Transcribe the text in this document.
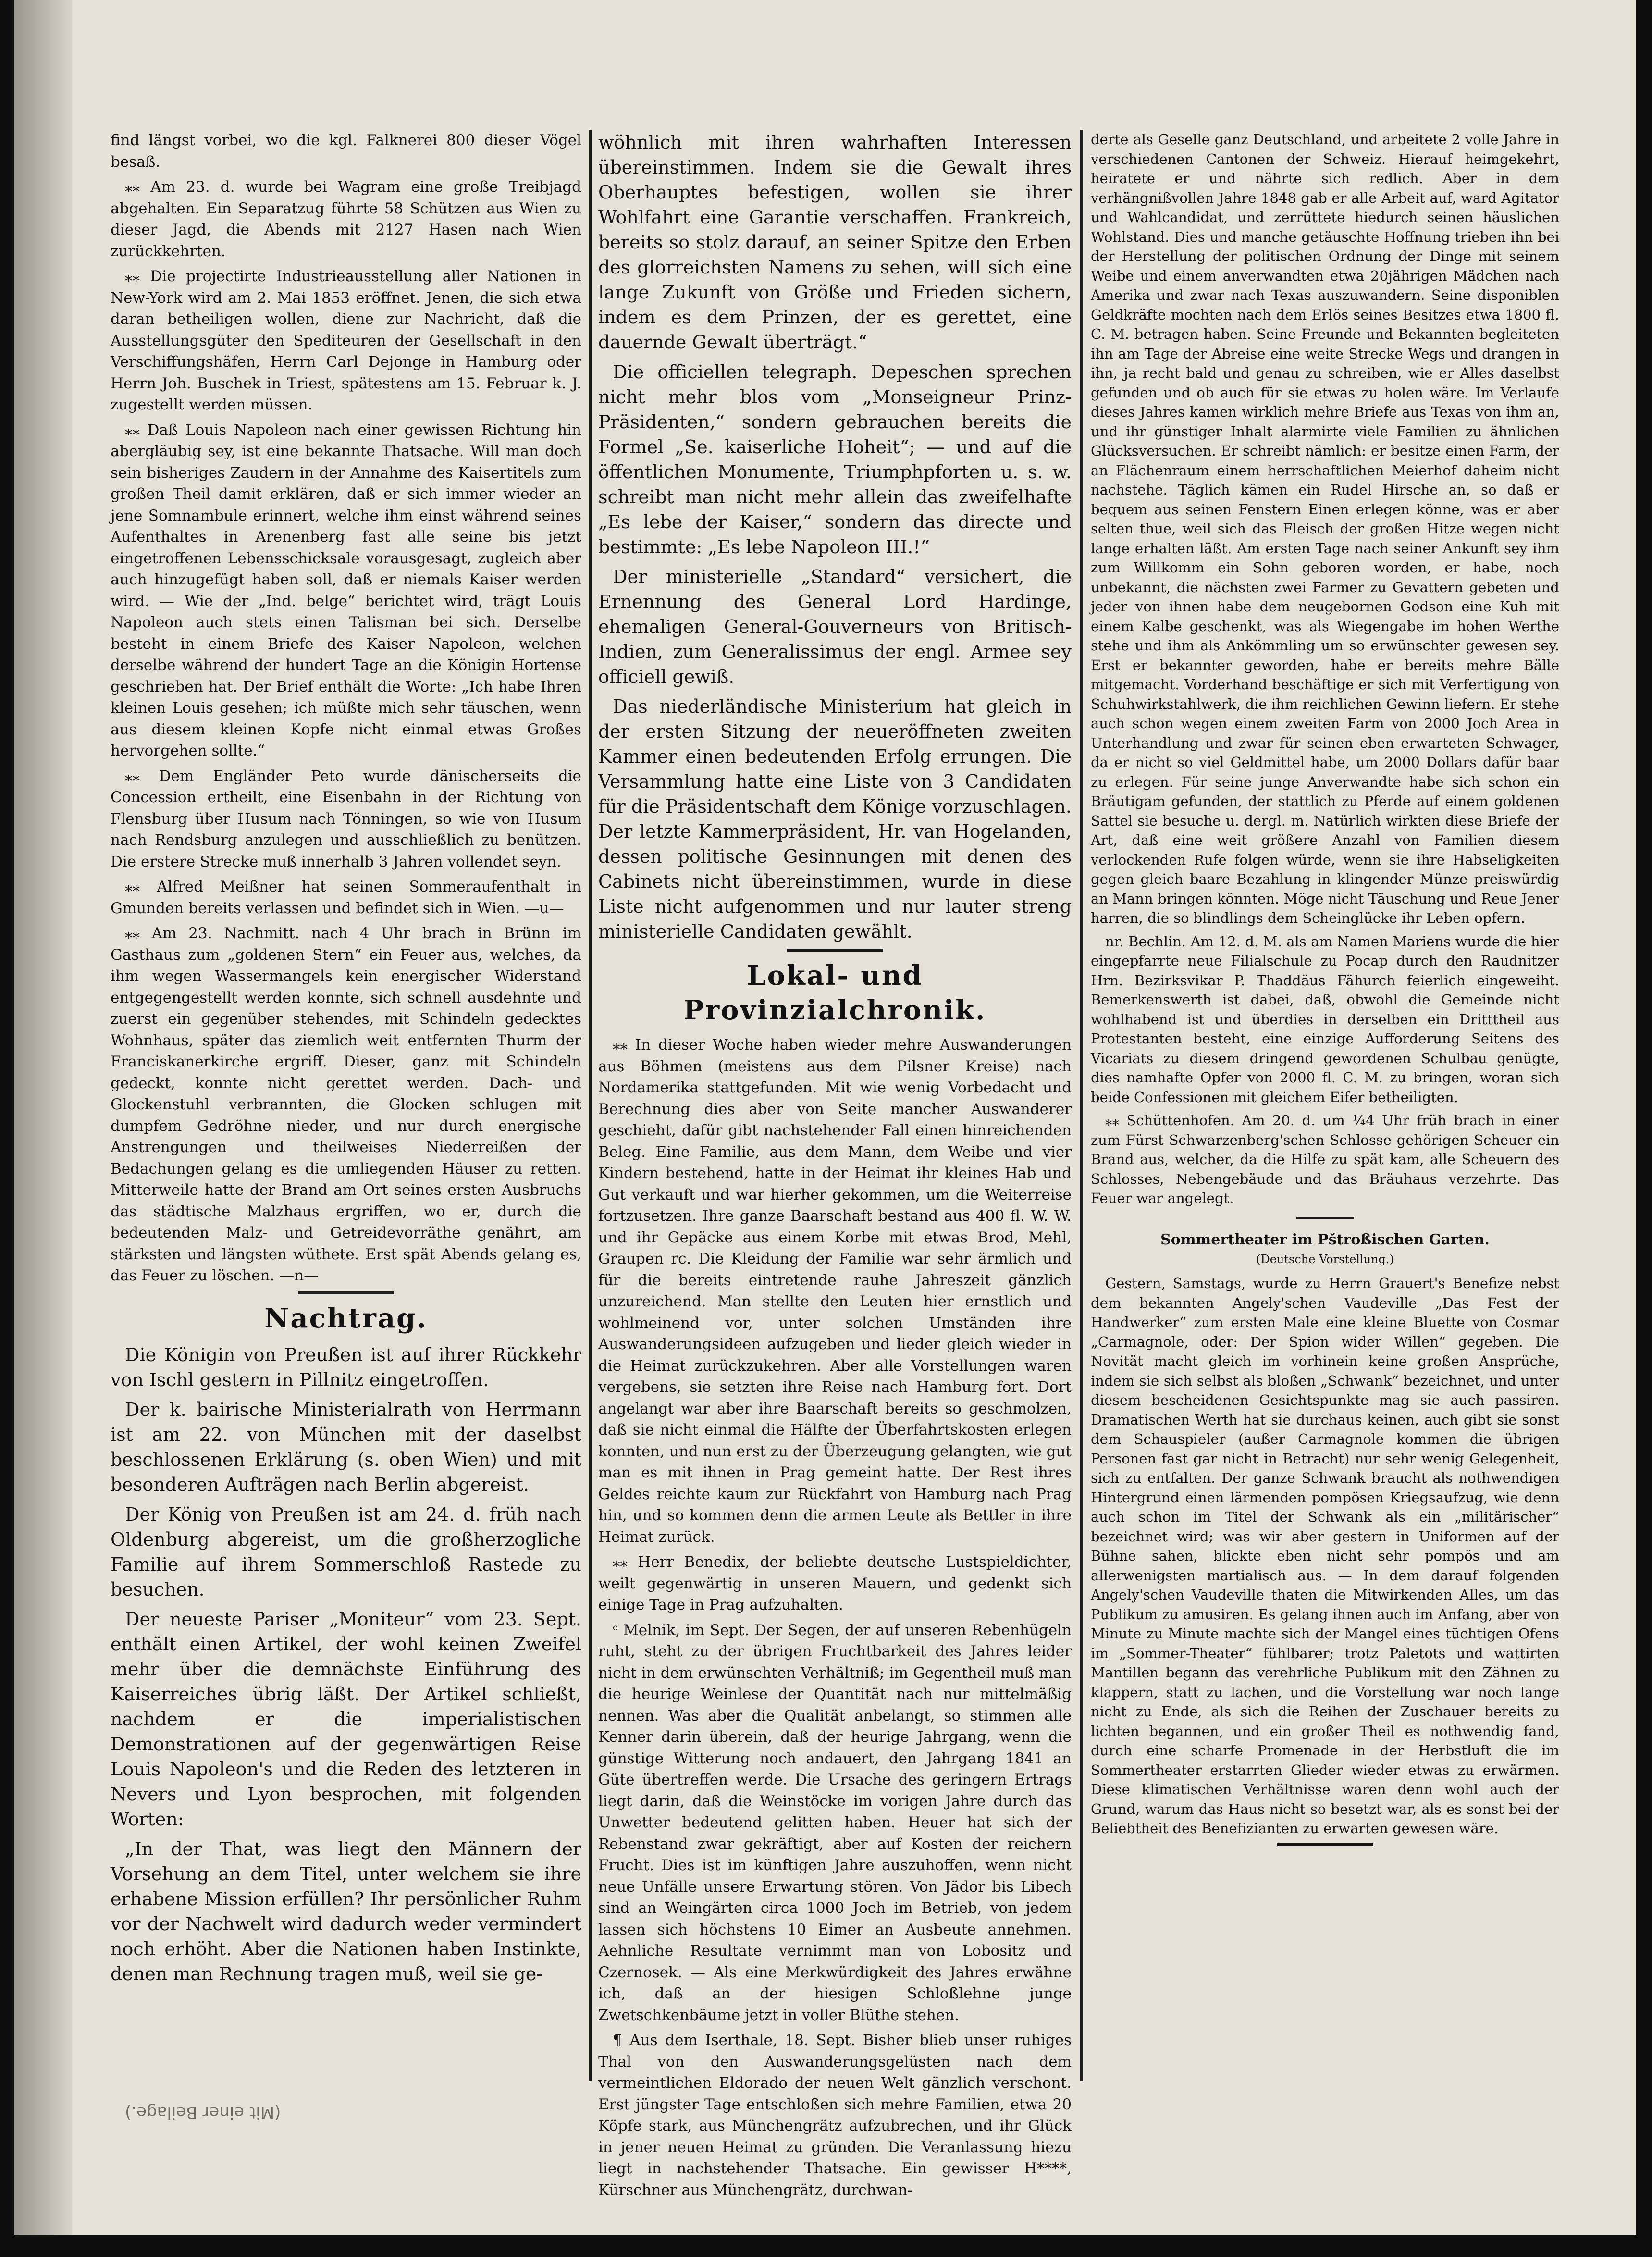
find längst vorbei, wo die kgl. Falknerei 800 dieser Vögel besaß.

⁎⁎ Am 23. d. wurde bei Wagram eine große Treibjagd abgehalten. Ein Separatzug führte 58 Schützen aus Wien zu dieser Jagd, die Abends mit 2127 Hasen nach Wien zurückkehrten.

⁎⁎ Die projectirte Industrieausstellung aller Nationen in New-York wird am 2. Mai 1853 eröffnet. Jenen, die sich etwa daran betheiligen wollen, diene zur Nachricht, daß die Ausstellungsgüter den Spediteuren der Gesellschaft in den Verschiffungshäfen, Herrn Carl Dejonge in Hamburg oder Herrn Joh. Buschek in Triest, spätestens am 15. Februar k. J. zugestellt werden müssen.

⁎⁎ Daß Louis Napoleon nach einer gewissen Richtung hin abergläubig sey, ist eine bekannte Thatsache. Will man doch sein bisheriges Zaudern in der Annahme des Kaisertitels zum großen Theil damit erklären, daß er sich immer wieder an jene Somnambule erinnert, welche ihm einst während seines Aufenthaltes in Arenenberg fast alle seine bis jetzt eingetroffenen Lebensschicksale vorausgesagt, zugleich aber auch hinzugefügt haben soll, daß er niemals Kaiser werden wird. — Wie der „Ind. belge“ berichtet wird, trägt Louis Napoleon auch stets einen Talisman bei sich. Derselbe besteht in einem Briefe des Kaiser Napoleon, welchen derselbe während der hundert Tage an die Königin Hortense geschrieben hat. Der Brief enthält die Worte: „Ich habe Ihren kleinen Louis gesehen; ich müßte mich sehr täuschen, wenn aus diesem kleinen Kopfe nicht einmal etwas Großes hervorgehen sollte.“

⁎⁎ Dem Engländer Peto wurde dänischerseits die Concession ertheilt, eine Eisenbahn in der Richtung von Flensburg über Husum nach Tönningen, so wie von Husum nach Rendsburg anzulegen und ausschließlich zu benützen. Die erstere Strecke muß innerhalb 3 Jahren vollendet seyn.

⁎⁎ Alfred Meißner hat seinen Sommeraufenthalt in Gmunden bereits verlassen und befindet sich in Wien. —u—

⁎⁎ Am 23. Nachmitt. nach 4 Uhr brach in Brünn im Gasthaus zum „goldenen Stern“ ein Feuer aus, welches, da ihm wegen Wassermangels kein energischer Widerstand entgegengestellt werden konnte, sich schnell ausdehnte und zuerst ein gegenüber stehendes, mit Schindeln gedecktes Wohnhaus, später das ziemlich weit entfernten Thurm der Franciskanerkirche ergriff. Dieser, ganz mit Schindeln gedeckt, konnte nicht gerettet werden. Dach- und Glockenstuhl verbrannten, die Glocken schlugen mit dumpfem Gedröhne nieder, und nur durch energische Anstrengungen und theilweises Niederreißen der Bedachungen gelang es die umliegenden Häuser zu retten. Mitterweile hatte der Brand am Ort seines ersten Ausbruchs das städtische Malzhaus ergriffen, wo er, durch die bedeutenden Malz- und Getreidevorräthe genährt, am stärksten und längsten wüthete. Erst spät Abends gelang es, das Feuer zu löschen. —n—

Nachtrag.

Die Königin von Preußen ist auf ihrer Rückkehr von Ischl gestern in Pillnitz eingetroffen.

Der k. bairische Ministerialrath von Herrmann ist am 22. von München mit der daselbst beschlossenen Erklärung (s. oben Wien) und mit besonderen Aufträgen nach Berlin abgereist.

Der König von Preußen ist am 24. d. früh nach Oldenburg abgereist, um die großherzogliche Familie auf ihrem Sommerschloß Rastede zu besuchen.

Der neueste Pariser „Moniteur“ vom 23. Sept. enthält einen Artikel, der wohl keinen Zweifel mehr über die demnächste Einführung des Kaiserreiches übrig läßt. Der Artikel schließt, nachdem er die imperialistischen Demonstrationen auf der gegenwärtigen Reise Louis Napoleon's und die Reden des letzteren in Nevers und Lyon besprochen, mit folgenden Worten:

„In der That, was liegt den Männern der Vorsehung an dem Titel, unter welchem sie ihre erhabene Mission erfüllen? Ihr persönlicher Ruhm vor der Nachwelt wird dadurch weder vermindert noch erhöht. Aber die Nationen haben Instinkte, denen man Rechnung tragen muß, weil sie ge-

wöhnlich mit ihren wahrhaften Interessen übereinstimmen. Indem sie die Gewalt ihres Oberhauptes befestigen, wollen sie ihrer Wohlfahrt eine Garantie verschaffen. Frankreich, bereits so stolz darauf, an seiner Spitze den Erben des glorreichsten Namens zu sehen, will sich eine lange Zukunft von Größe und Frieden sichern, indem es dem Prinzen, der es gerettet, eine dauernde Gewalt überträgt.“

Die officiellen telegraph. Depeschen sprechen nicht mehr blos vom „Monseigneur Prinz-Präsidenten,“ sondern gebrauchen bereits die Formel „Se. kaiserliche Hoheit“; — und auf die öffentlichen Monumente, Triumphpforten u. s. w. schreibt man nicht mehr allein das zweifelhafte „Es lebe der Kaiser,“ sondern das directe und bestimmte: „Es lebe Napoleon III.!“

Der ministerielle „Standard“ versichert, die Ernennung des General Lord Hardinge, ehemaligen General-Gouverneurs von Britisch-Indien, zum Generalissimus der engl. Armee sey officiell gewiß.

Das niederländische Ministerium hat gleich in der ersten Sitzung der neueröffneten zweiten Kammer einen bedeutenden Erfolg errungen. Die Versammlung hatte eine Liste von 3 Candidaten für die Präsidentschaft dem Könige vorzuschlagen. Der letzte Kammerpräsident, Hr. van Hogelanden, dessen politische Gesinnungen mit denen des Cabinets nicht übereinstimmen, wurde in diese Liste nicht aufgenommen und nur lauter streng ministerielle Candidaten gewählt.

Lokal- und Provinzialchronik.

⁎⁎ In dieser Woche haben wieder mehre Auswanderungen aus Böhmen (meistens aus dem Pilsner Kreise) nach Nordamerika stattgefunden. Mit wie wenig Vorbedacht und Berechnung dies aber von Seite mancher Auswanderer geschieht, dafür gibt nachstehender Fall einen hinreichenden Beleg. Eine Familie, aus dem Mann, dem Weibe und vier Kindern bestehend, hatte in der Heimat ihr kleines Hab und Gut verkauft und war hierher gekommen, um die Weiterreise fortzusetzen. Ihre ganze Baarschaft bestand aus 400 fl. W. W. und ihr Gepäcke aus einem Korbe mit etwas Brod, Mehl, Graupen rc. Die Kleidung der Familie war sehr ärmlich und für die bereits eintretende rauhe Jahreszeit gänzlich unzureichend. Man stellte den Leuten hier ernstlich und wohlmeinend vor, unter solchen Umständen ihre Auswanderungsideen aufzugeben und lieder gleich wieder in die Heimat zurückzukehren. Aber alle Vorstellungen waren vergebens, sie setzten ihre Reise nach Hamburg fort. Dort angelangt war aber ihre Baarschaft bereits so geschmolzen, daß sie nicht einmal die Hälfte der Überfahrtskosten erlegen konnten, und nun erst zu der Überzeugung gelangten, wie gut man es mit ihnen in Prag gemeint hatte. Der Rest ihres Geldes reichte kaum zur Rückfahrt von Hamburg nach Prag hin, und so kommen denn die armen Leute als Bettler in ihre Heimat zurück.

⁎⁎ Herr Benedix, der beliebte deutsche Lustspieldichter, weilt gegenwärtig in unseren Mauern, und gedenkt sich einige Tage in Prag aufzuhalten.

ᶜ Melnik, im Sept. Der Segen, der auf unseren Rebenhügeln ruht, steht zu der übrigen Fruchtbarkeit des Jahres leider nicht in dem erwünschten Verhältniß; im Gegentheil muß man die heurige Weinlese der Quantität nach nur mittelmäßig nennen. Was aber die Qualität anbelangt, so stimmen alle Kenner darin überein, daß der heurige Jahrgang, wenn die günstige Witterung noch andauert, den Jahrgang 1841 an Güte übertreffen werde. Die Ursache des geringern Ertrags liegt darin, daß die Weinstöcke im vorigen Jahre durch das Unwetter bedeutend gelitten haben. Heuer hat sich der Rebenstand zwar gekräftigt, aber auf Kosten der reichern Frucht. Dies ist im künftigen Jahre auszuhoffen, wenn nicht neue Unfälle unsere Erwartung stören. Von Jädor bis Libech sind an Weingärten circa 1000 Joch im Betrieb, von jedem lassen sich höchstens 10 Eimer an Ausbeute annehmen. Aehnliche Resultate vernimmt man von Lobositz und Czernosek. — Als eine Merkwürdigkeit des Jahres erwähne ich, daß an der hiesigen Schloßlehne junge Zwetschkenbäume jetzt in voller Blüthe stehen.

¶ Aus dem Iserthale, 18. Sept. Bisher blieb unser ruhiges Thal von den Auswanderungsgelüsten nach dem vermeintlichen Eldorado der neuen Welt gänzlich verschont. Erst jüngster Tage entschloßen sich mehre Familien, etwa 20 Köpfe stark, aus Münchengrätz aufzubrechen, und ihr Glück in jener neuen Heimat zu gründen. Die Veranlassung hiezu liegt in nachstehender Thatsache. Ein gewisser H****, Kürschner aus Münchengrätz, durchwan-

derte als Geselle ganz Deutschland, und arbeitete 2 volle Jahre in verschiedenen Cantonen der Schweiz. Hierauf heimgekehrt, heiratete er und nährte sich redlich. Aber in dem verhängnißvollen Jahre 1848 gab er alle Arbeit auf, ward Agitator und Wahlcandidat, und zerrüttete hiedurch seinen häuslichen Wohlstand. Dies und manche getäuschte Hoffnung trieben ihn bei der Herstellung der politischen Ordnung der Dinge mit seinem Weibe und einem anverwandten etwa 20jährigen Mädchen nach Amerika und zwar nach Texas auszuwandern. Seine disponiblen Geldkräfte mochten nach dem Erlös seines Besitzes etwa 1800 fl. C. M. betragen haben. Seine Freunde und Bekannten begleiteten ihn am Tage der Abreise eine weite Strecke Wegs und drangen in ihn, ja recht bald und genau zu schreiben, wie er Alles daselbst gefunden und ob auch für sie etwas zu holen wäre. Im Verlaufe dieses Jahres kamen wirklich mehre Briefe aus Texas von ihm an, und ihr günstiger Inhalt alarmirte viele Familien zu ähnlichen Glücksversuchen. Er schreibt nämlich: er besitze einen Farm, der an Flächenraum einem herrschaftlichen Meierhof daheim nicht nachstehe. Täglich kämen ein Rudel Hirsche an, so daß er bequem aus seinen Fenstern Einen erlegen könne, was er aber selten thue, weil sich das Fleisch der großen Hitze wegen nicht lange erhalten läßt. Am ersten Tage nach seiner Ankunft sey ihm zum Willkomm ein Sohn geboren worden, er habe, noch unbekannt, die nächsten zwei Farmer zu Gevattern gebeten und jeder von ihnen habe dem neugebornen Godson eine Kuh mit einem Kalbe geschenkt, was als Wiegengabe im hohen Werthe stehe und ihm als Ankömmling um so erwünschter gewesen sey. Erst er bekannter geworden, habe er bereits mehre Bälle mitgemacht. Vorderhand beschäftige er sich mit Verfertigung von Schuhwirkstahlwerk, die ihm reichlichen Gewinn liefern. Er stehe auch schon wegen einem zweiten Farm von 2000 Joch Area in Unterhandlung und zwar für seinen eben erwarteten Schwager, da er nicht so viel Geldmittel habe, um 2000 Dollars dafür baar zu erlegen. Für seine junge Anverwandte habe sich schon ein Bräutigam gefunden, der stattlich zu Pferde auf einem goldenen Sattel sie besuche u. dergl. m. Natürlich wirkten diese Briefe der Art, daß eine weit größere Anzahl von Familien diesem verlockenden Rufe folgen würde, wenn sie ihre Habseligkeiten gegen gleich baare Bezahlung in klingender Münze preiswürdig an Mann bringen könnten. Möge nicht Täuschung und Reue Jener harren, die so blindlings dem Scheinglücke ihr Leben opfern.

nr. Bechlin. Am 12. d. M. als am Namen Mariens wurde die hier eingepfarrte neue Filialschule zu Pocap durch den Raudnitzer Hrn. Bezirksvikar P. Thaddäus Fähurch feierlich eingeweiht. Bemerkenswerth ist dabei, daß, obwohl die Gemeinde nicht wohlhabend ist und überdies in derselben ein Dritttheil aus Protestanten besteht, eine einzige Aufforderung Seitens des Vicariats zu diesem dringend gewordenen Schulbau genügte, dies namhafte Opfer von 2000 fl. C. M. zu bringen, woran sich beide Confessionen mit gleichem Eifer betheiligten.

⁎⁎ Schüttenhofen. Am 20. d. um ¼4 Uhr früh brach in einer zum Fürst Schwarzenberg'schen Schlosse gehörigen Scheuer ein Brand aus, welcher, da die Hilfe zu spät kam, alle Scheuern des Schlosses, Nebengebäude und das Bräuhaus verzehrte. Das Feuer war angelegt.

Sommertheater im Pštroßischen Garten.
(Deutsche Vorstellung.)

Gestern, Samstags, wurde zu Herrn Grauert's Benefize nebst dem bekannten Angely'schen Vaudeville „Das Fest der Handwerker“ zum ersten Male eine kleine Bluette von Cosmar „Carmagnole, oder: Der Spion wider Willen“ gegeben. Die Novität macht gleich im vorhinein keine großen Ansprüche, indem sie sich selbst als bloßen „Schwank“ bezeichnet, und unter diesem bescheidenen Gesichtspunkte mag sie auch passiren. Dramatischen Werth hat sie durchaus keinen, auch gibt sie sonst dem Schauspieler (außer Carmagnole kommen die übrigen Personen fast gar nicht in Betracht) nur sehr wenig Gelegenheit, sich zu entfalten. Der ganze Schwank braucht als nothwendigen Hintergrund einen lärmenden pompösen Kriegsaufzug, wie denn auch schon im Titel der Schwank als ein „militärischer“ bezeichnet wird; was wir aber gestern in Uniformen auf der Bühne sahen, blickte eben nicht sehr pompös und am allerwenigsten martialisch aus. — In dem darauf folgenden Angely'schen Vaudeville thaten die Mitwirkenden Alles, um das Publikum zu amusiren. Es gelang ihnen auch im Anfang, aber von Minute zu Minute machte sich der Mangel eines tüchtigen Ofens im „Sommer-Theater“ fühlbarer; trotz Paletots und wattirten Mantillen begann das verehrliche Publikum mit den Zähnen zu klappern, statt zu lachen, und die Vorstellung war noch lange nicht zu Ende, als sich die Reihen der Zuschauer bereits zu lichten begannen, und ein großer Theil es nothwendig fand, durch eine scharfe Promenade in der Herbstluft die im Sommertheater erstarrten Glieder wieder etwas zu erwärmen. Diese klimatischen Verhältnisse waren denn wohl auch der Grund, warum das Haus nicht so besetzt war, als es sonst bei der Beliebtheit des Benefizianten zu erwarten gewesen wäre.

(Mit einer Beilage.)
